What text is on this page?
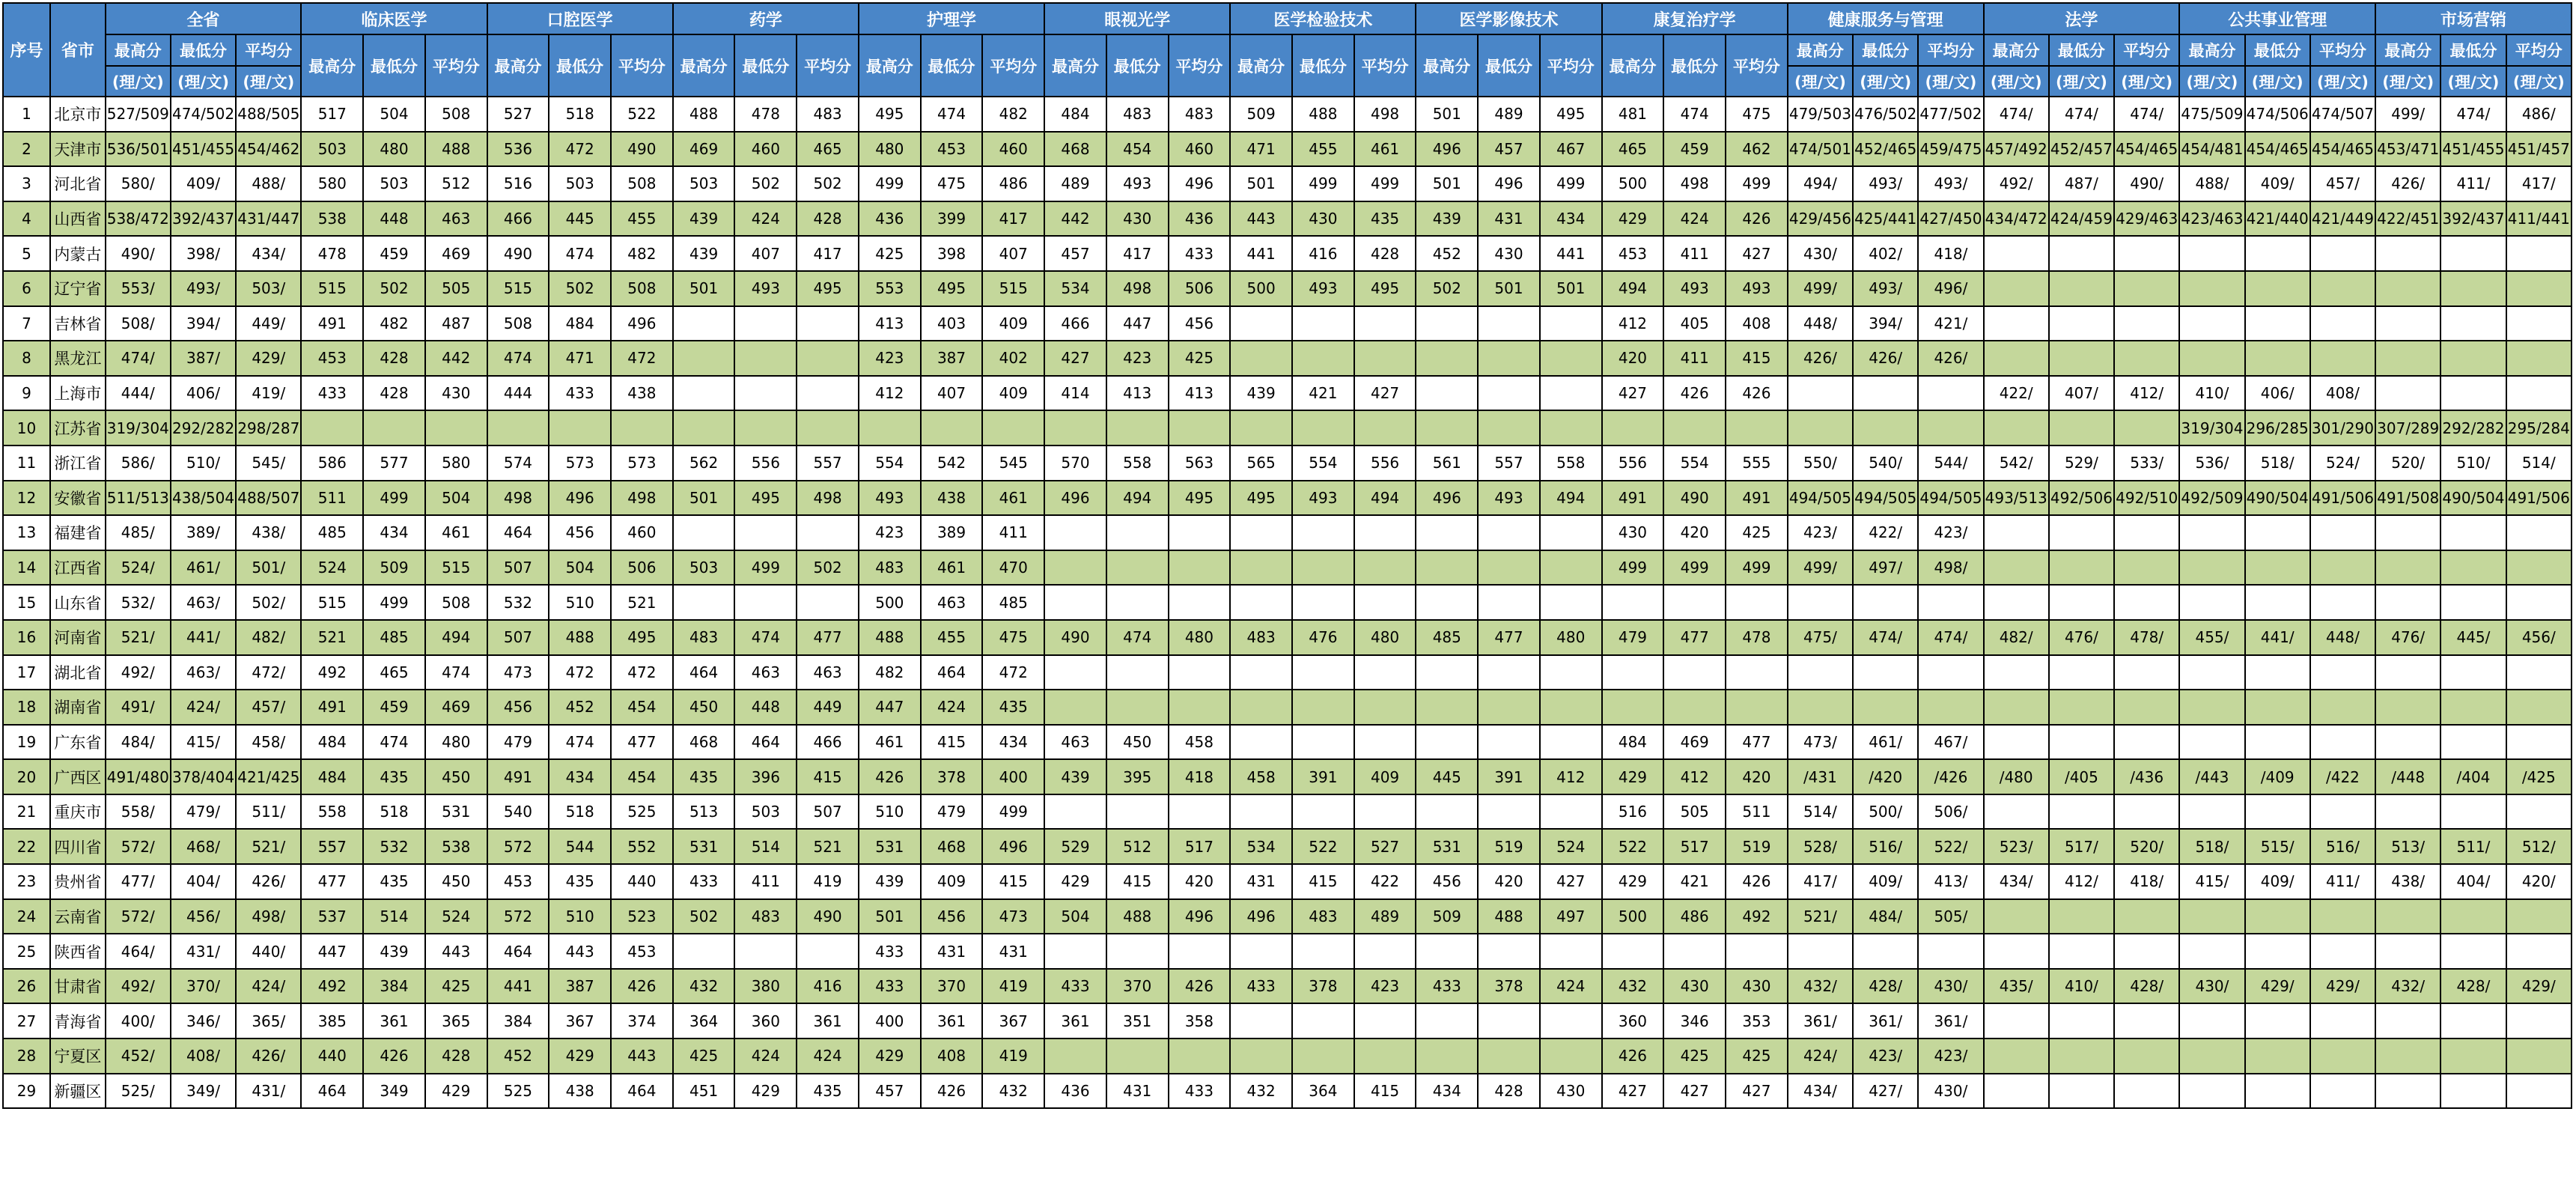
序号	省市	全省			临床医学			口腔医学			药学			护理学			眼视光学			医学检验技术			医学影像技术			康复治疗学			健康服务与管理			法学			公共事业管理			市场营销		
		最高分	最低分	平均分	最高分	最低分	平均分	最高分	最低分	平均分	最高分	最低分	平均分	最高分	最低分	平均分	最高分	最低分	平均分	最高分	最低分	平均分	最高分	最低分	平均分	最高分	最低分	平均分	最高分	最低分	平均分	最高分	最低分	平均分	最高分	最低分	平均分	最高分	最低分	平均分
		(理/文)	(理/文)	(理/文)																									(理/文)	(理/文)	(理/文)	(理/文)	(理/文)	(理/文)	(理/文)	(理/文)	(理/文)	(理/文)	(理/文)	(理/文)
1	北京市	527/509	474/502	488/505	517	504	508	527	518	522	488	478	483	495	474	482	484	483	483	509	488	498	501	489	495	481	474	475	479/503	476/502	477/502	474/	474/	474/	475/509	474/506	474/507	499/	474/	486/
2	天津市	536/501	451/455	454/462	503	480	488	536	472	490	469	460	465	480	453	460	468	454	460	471	455	461	496	457	467	465	459	462	474/501	452/465	459/475	457/492	452/457	454/465	454/481	454/465	454/465	453/471	451/455	451/457
3	河北省	580/	409/	488/	580	503	512	516	503	508	503	502	502	499	475	486	489	493	496	501	499	499	501	496	499	500	498	499	494/	493/	493/	492/	487/	490/	488/	409/	457/	426/	411/	417/
4	山西省	538/472	392/437	431/447	538	448	463	466	445	455	439	424	428	436	399	417	442	430	436	443	430	435	439	431	434	429	424	426	429/456	425/441	427/450	434/472	424/459	429/463	423/463	421/440	421/449	422/451	392/437	411/441
5	内蒙古	490/	398/	434/	478	459	469	490	474	482	439	407	417	425	398	407	457	417	433	441	416	428	452	430	441	453	411	427	430/	402/	418/									
6	辽宁省	553/	493/	503/	515	502	505	515	502	508	501	493	495	553	495	515	534	498	506	500	493	495	502	501	501	494	493	493	499/	493/	496/									
7	吉林省	508/	394/	449/	491	482	487	508	484	496				413	403	409	466	447	456							412	405	408	448/	394/	421/									
8	黑龙江	474/	387/	429/	453	428	442	474	471	472				423	387	402	427	423	425							420	411	415	426/	426/	426/									
9	上海市	444/	406/	419/	433	428	430	444	433	438				412	407	409	414	413	413	439	421	427				427	426	426				422/	407/	412/	410/	406/	408/			
10	江苏省	319/304	292/282	298/287																															319/304	296/285	301/290	307/289	292/282	295/284
11	浙江省	586/	510/	545/	586	577	580	574	573	573	562	556	557	554	542	545	570	558	563	565	554	556	561	557	558	556	554	555	550/	540/	544/	542/	529/	533/	536/	518/	524/	520/	510/	514/
12	安徽省	511/513	438/504	488/507	511	499	504	498	496	498	501	495	498	493	438	461	496	494	495	495	493	494	496	493	494	491	490	491	494/505	494/505	494/505	493/513	492/506	492/510	492/509	490/504	491/506	491/508	490/504	491/506
13	福建省	485/	389/	438/	485	434	461	464	456	460				423	389	411										430	420	425	423/	422/	423/									
14	江西省	524/	461/	501/	524	509	515	507	504	506	503	499	502	483	461	470										499	499	499	499/	497/	498/									
15	山东省	532/	463/	502/	515	499	508	532	510	521				500	463	485																								
16	河南省	521/	441/	482/	521	485	494	507	488	495	483	474	477	488	455	475	490	474	480	483	476	480	485	477	480	479	477	478	475/	474/	474/	482/	476/	478/	455/	441/	448/	476/	445/	456/
17	湖北省	492/	463/	472/	492	465	474	473	472	472	464	463	463	482	464	472																								
18	湖南省	491/	424/	457/	491	459	469	456	452	454	450	448	449	447	424	435																								
19	广东省	484/	415/	458/	484	474	480	479	474	477	468	464	466	461	415	434	463	450	458							484	469	477	473/	461/	467/									
20	广西区	491/480	378/404	421/425	484	435	450	491	434	454	435	396	415	426	378	400	439	395	418	458	391	409	445	391	412	429	412	420	/431	/420	/426	/480	/405	/436	/443	/409	/422	/448	/404	/425
21	重庆市	558/	479/	511/	558	518	531	540	518	525	513	503	507	510	479	499										516	505	511	514/	500/	506/									
22	四川省	572/	468/	521/	557	532	538	572	544	552	531	514	521	531	468	496	529	512	517	534	522	527	531	519	524	522	517	519	528/	516/	522/	523/	517/	520/	518/	515/	516/	513/	511/	512/
23	贵州省	477/	404/	426/	477	435	450	453	435	440	433	411	419	439	409	415	429	415	420	431	415	422	456	420	427	429	421	426	417/	409/	413/	434/	412/	418/	415/	409/	411/	438/	404/	420/
24	云南省	572/	456/	498/	537	514	524	572	510	523	502	483	490	501	456	473	504	488	496	496	483	489	509	488	497	500	486	492	521/	484/	505/									
25	陕西省	464/	431/	440/	447	439	443	464	443	453				433	431	431																								
26	甘肃省	492/	370/	424/	492	384	425	441	387	426	432	380	416	433	370	419	433	370	426	433	378	423	433	378	424	432	430	430	432/	428/	430/	435/	410/	428/	430/	429/	429/	432/	428/	429/
27	青海省	400/	346/	365/	385	361	365	384	367	374	364	360	361	400	361	367	361	351	358							360	346	353	361/	361/	361/									
28	宁夏区	452/	408/	426/	440	426	428	452	429	443	425	424	424	429	408	419										426	425	425	424/	423/	423/									
29	新疆区	525/	349/	431/	464	349	429	525	438	464	451	429	435	457	426	432	436	431	433	432	364	415	434	428	430	427	427	427	434/	427/	430/									
